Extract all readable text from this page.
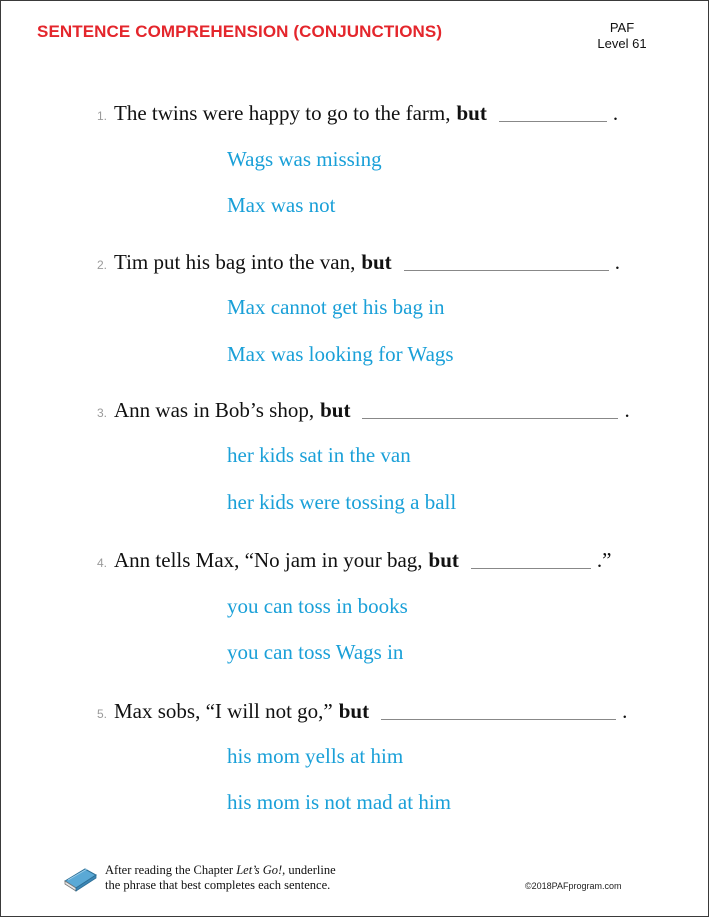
SENTENCE COMPREHENSION (CONJUNCTIONS)	PAF
Level 61
1. The twins were happy to go to the farm, but	.
Wags was missing
Max was not
2. Tim put his bag into the van, but	.
Max cannot get his bag in
Max was looking for Wags
3. Ann was in Bob’s shop, but	.
her kids sat in the van
her kids were tossing a ball
4. Ann tells Max, “No jam in your bag, but	.”
you can toss in books
you can toss Wags in
5. Max sobs, “I will not go,” but	.
his mom yells at him
his mom is not mad at him
After reading the Chapter Let’s Go!, underline
the phrase that best completes each sentence.	©2018PAFprogram.com
